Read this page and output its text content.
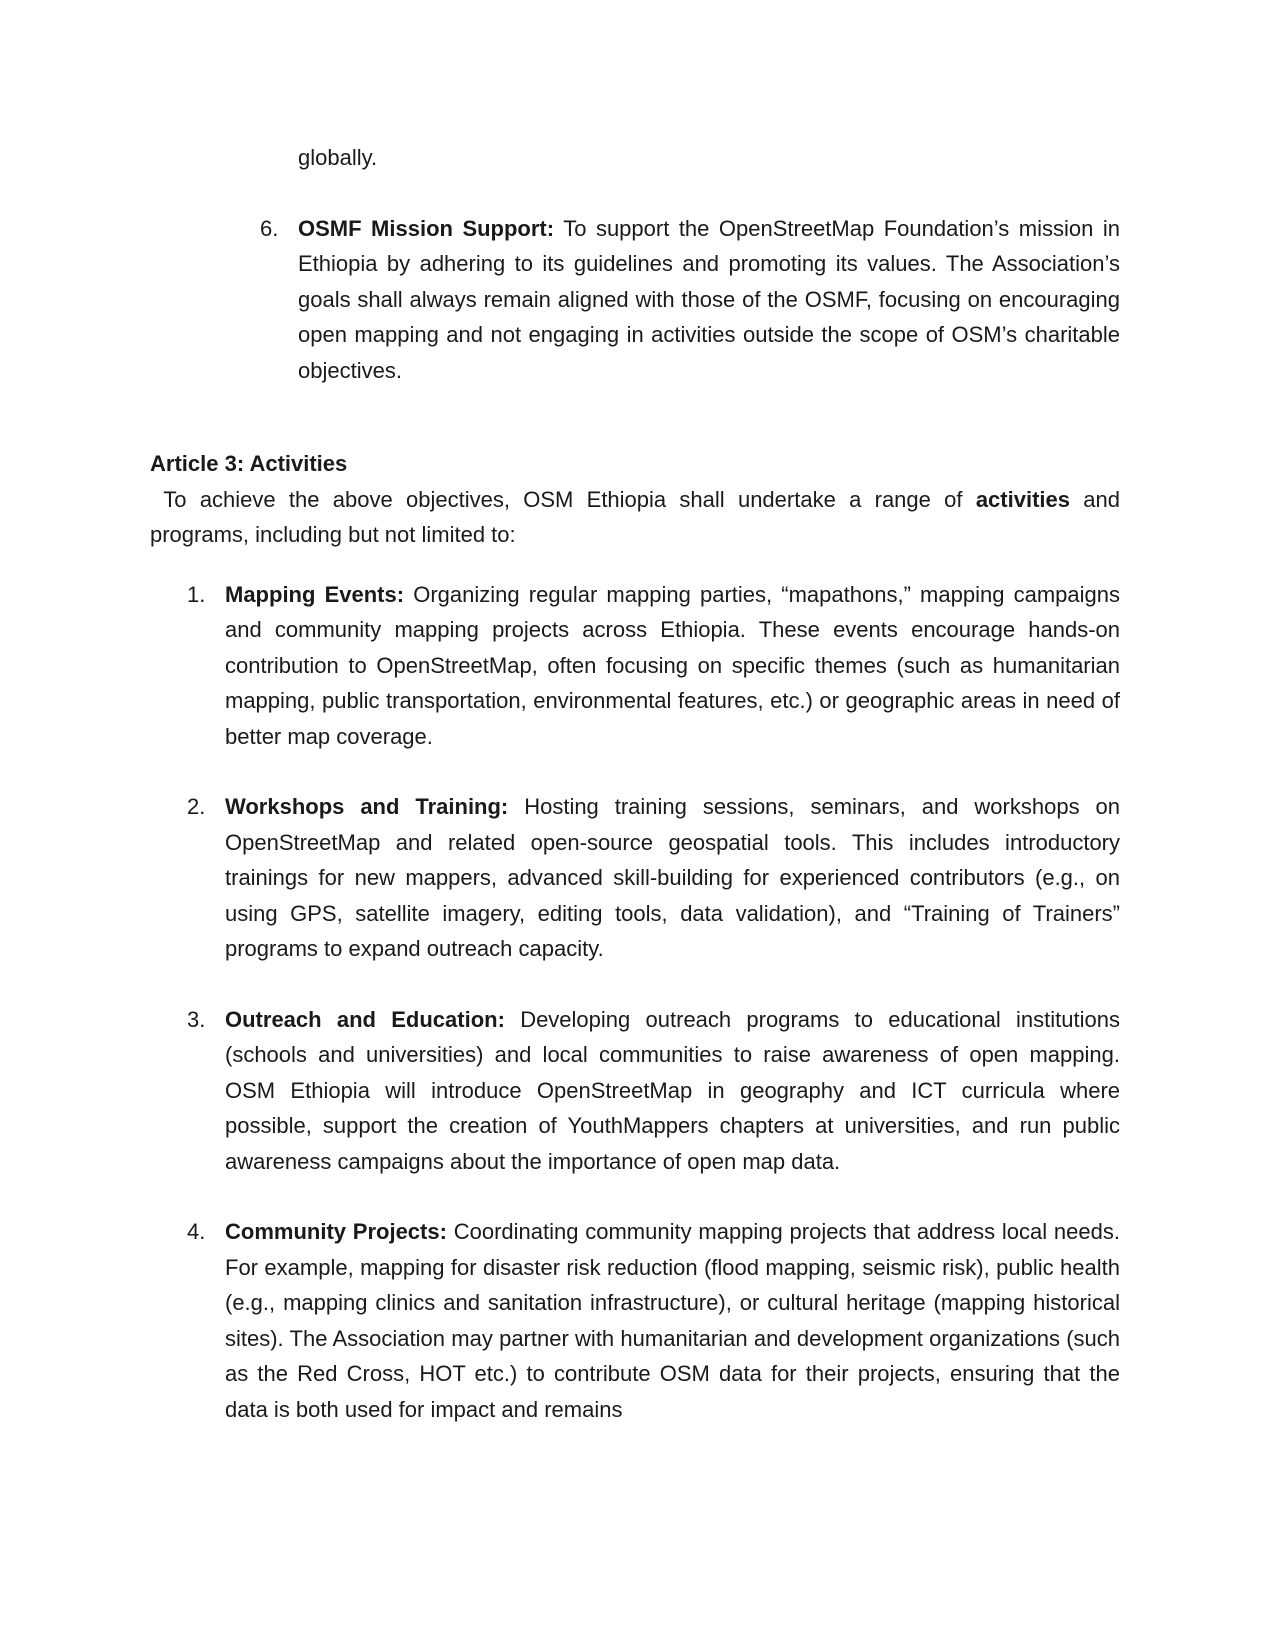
globally.

6. OSMF Mission Support: To support the OpenStreetMap Foundation’s mission in Ethiopia by adhering to its guidelines and promoting its values. The Association’s goals shall always remain aligned with those of the OSMF, focusing on encouraging open mapping and not engaging in activities outside the scope of OSM’s charitable objectives.

Article 3: Activities

To achieve the above objectives, OSM Ethiopia shall undertake a range of activities and programs, including but not limited to:

1. Mapping Events: Organizing regular mapping parties, “mapathons,” mapping campaigns and community mapping projects across Ethiopia. These events encourage hands-on contribution to OpenStreetMap, often focusing on specific themes (such as humanitarian mapping, public transportation, environmental features, etc.) or geographic areas in need of better map coverage.
2. Workshops and Training: Hosting training sessions, seminars, and workshops on OpenStreetMap and related open-source geospatial tools. This includes introductory trainings for new mappers, advanced skill-building for experienced contributors (e.g., on using GPS, satellite imagery, editing tools, data validation), and “Training of Trainers” programs to expand outreach capacity.
3. Outreach and Education: Developing outreach programs to educational institutions (schools and universities) and local communities to raise awareness of open mapping. OSM Ethiopia will introduce OpenStreetMap in geography and ICT curricula where possible, support the creation of YouthMappers chapters at universities, and run public awareness campaigns about the importance of open map data.
4. Community Projects: Coordinating community mapping projects that address local needs. For example, mapping for disaster risk reduction (flood mapping, seismic risk), public health (e.g., mapping clinics and sanitation infrastructure), or cultural heritage (mapping historical sites). The Association may partner with humanitarian and development organizations (such as the Red Cross, HOT etc.) to contribute OSM data for their projects, ensuring that the data is both used for impact and remains
